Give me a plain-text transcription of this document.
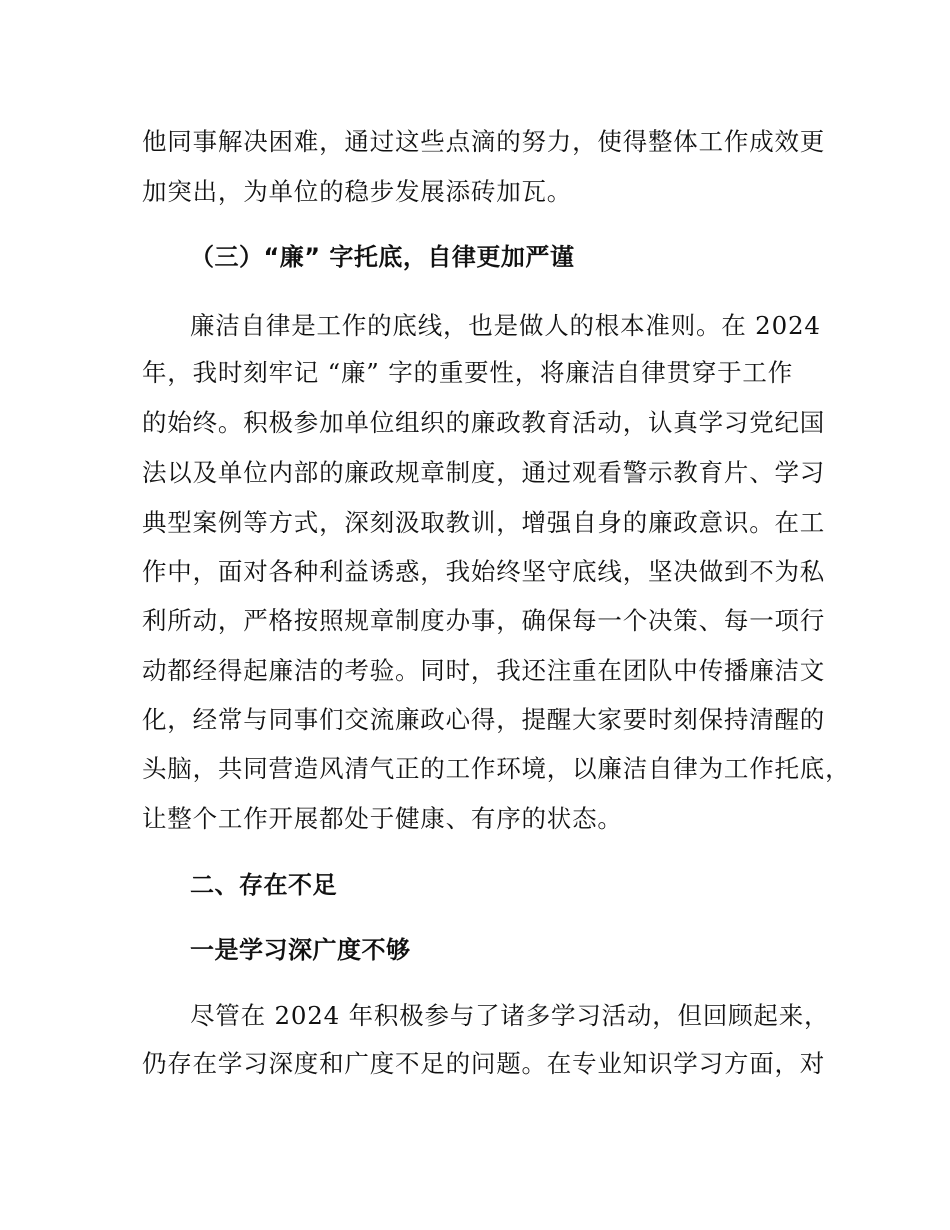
他同事解决困难，通过这些点滴的努力，使得整体工作成效更
加突出，为单位的稳步发展添砖加瓦。
（三）“廉” 字托底，自律更加严谨
廉洁自律是工作的底线，也是做人的根本准则。在 2024
年，我时刻牢记 “廉” 字的重要性，将廉洁自律贯穿于工作
的始终。积极参加单位组织的廉政教育活动，认真学习党纪国
法以及单位内部的廉政规章制度，通过观看警示教育片、学习
典型案例等方式，深刻汲取教训，增强自身的廉政意识。在工
作中，面对各种利益诱惑，我始终坚守底线，坚决做到不为私
利所动，严格按照规章制度办事，确保每一个决策、每一项行
动都经得起廉洁的考验。同时，我还注重在团队中传播廉洁文
化，经常与同事们交流廉政心得，提醒大家要时刻保持清醒的
头脑，共同营造风清气正的工作环境，以廉洁自律为工作托底，
让整个工作开展都处于健康、有序的状态。
二、存在不足
一是学习深广度不够
尽管在 2024 年积极参与了诸多学习活动，但回顾起来，
仍存在学习深度和广度不足的问题。在专业知识学习方面，对
